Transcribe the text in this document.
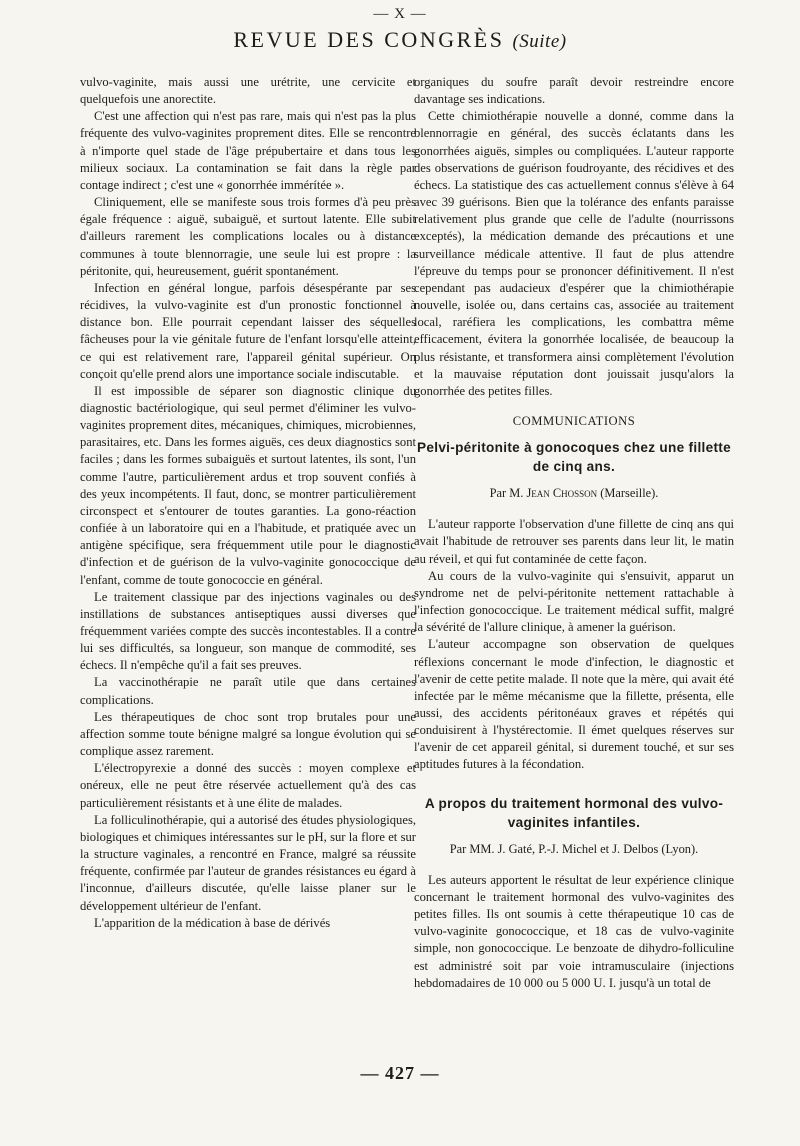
— X —
REVUE DES CONGRÈS (Suite)

vulvo-vaginite, mais aussi une urétrite, une cervicite et quelquefois une anorectite.

C'est une affection qui n'est pas rare, mais qui n'est pas la plus fréquente des vulvo-vaginites proprement dites. Elle se rencontre à n'importe quel stade de l'âge prépubertaire et dans tous les milieux sociaux. La contamination se fait dans la règle par contage indirect ; c'est une « gonorrhée immérítée ».

Cliniquement, elle se manifeste sous trois formes d'à peu près égale fréquence : aiguë, subaiguë, et surtout latente. Elle subit d'ailleurs rarement les complications locales ou à distance communes à toute blennorragie, une seule lui est propre : la péritonite, qui, heureusement, guérit spontanément.

Infection en général longue, parfois désespérante par ses récidives, la vulvo-vaginite est d'un pronostic fonctionnel à distance bon. Elle pourrait cependant laisser des séquelles fâcheuses pour la vie génitale future de l'enfant lorsqu'elle atteint, ce qui est relativement rare, l'appareil génital supérieur. On conçoit qu'elle prend alors une importance sociale indiscutable.

Il est impossible de séparer son diagnostic clinique du diagnostic bactériologique, qui seul permet d'éliminer les vulvo-vaginites proprement dites, mécaniques, chimiques, microbiennes, parasitaires, etc. Dans les formes aiguës, ces deux diagnostics sont faciles ; dans les formes subaiguës et surtout latentes, ils sont, l'un comme l'autre, particulièrement ardus et trop souvent confiés à des yeux incompétents. Il faut, donc, se montrer particulièrement circonspect et s'entourer de toutes garanties. La gono-réaction confiée à un laboratoire qui en a l'habitude, et pratiquée avec un antigène spécifique, sera fréquemment utile pour le diagnostic d'infection et de guérison de la vulvo-vaginite gonococcique de l'enfant, comme de toute gonococcie en général.

Le traitement classique par des injections vaginales ou des instillations de substances antiseptiques aussi diverses que fréquemment variées compte des succès incontestables. Il a contre lui ses difficultés, sa longueur, son manque de commodité, ses échecs. Il n'empêche qu'il a fait ses preuves.

La vaccinothérapie ne paraît utile que dans certaines complications.

Les thérapeutiques de choc sont trop brutales pour une affection somme toute bénigne malgré sa longue évolution qui se complique assez rarement.

L'électropyrexie a donné des succès : moyen complexe et onéreux, elle ne peut être réservée actuellement qu'à des cas particulièrement résistants et à une élite de malades.

La folliculinothérapie, qui a autorisé des études physiologiques, biologiques et chimiques intéressantes sur le pH, sur la flore et sur la structure vaginales, a rencontré en France, malgré sa réussite fréquente, confirmée par l'auteur de grandes résistances eu égard à l'inconnue, d'ailleurs discutée, qu'elle laisse planer sur le développement ultérieur de l'enfant.

L'apparition de la médication à base de dérivés

organiques du soufre paraît devoir restreindre encore davantage ses indications.

Cette chimiothérapie nouvelle a donné, comme dans la blennorragie en général, des succès éclatants dans les gonorrhées aiguës, simples ou compliquées. L'auteur rapporte des observations de guérison foudroyante, des récidives et des échecs. La statistique des cas actuellement connus s'élève à 64 avec 39 guérisons. Bien que la tolérance des enfants paraisse relativement plus grande que celle de l'adulte (nourrissons exceptés), la médication demande des précautions et une surveillance médicale attentive. Il faut de plus attendre l'épreuve du temps pour se prononcer définitivement. Il n'est cependant pas audacieux d'espérer que la chimiothérapie nouvelle, isolée ou, dans certains cas, associée au traitement local, raréfiera les complications, les combattra même efficacement, évitera la gonorrhée localisée, de beaucoup la plus résistante, et transformera ainsi complètement l'évolution et la mauvaise réputation dont jouissait jusqu'alors la gonorrhée des petites filles.

COMMUNICATIONS
Pelvi-péritonite à gonocoques chez une fillette de cinq ans.
Par M. Jean Chosson (Marseille).

L'auteur rapporte l'observation d'une fillette de cinq ans qui avait l'habitude de retrouver ses parents dans leur lit, le matin au réveil, et qui fut contaminée de cette façon.

Au cours de la vulvo-vaginite qui s'ensuivit, apparut un syndrome net de pelvi-péritonite nettement rattachable à l'infection gonococcique. Le traitement médical suffit, malgré la sévérité de l'allure clinique, à amener la guérison.

L'auteur accompagne son observation de quelques réflexions concernant le mode d'infection, le diagnostic et l'avenir de cette petite malade. Il note que la mère, qui avait été infectée par le même mécanisme que la fillette, présenta, elle aussi, des accidents péritonéaux graves et répétés qui conduisirent à l'hystérectomie. Il émet quelques réserves sur l'avenir de cet appareil génital, si durement touché, et sur ses aptitudes futures à la fécondation.

A propos du traitement hormonal des vulvo-vaginites infantiles.
Par MM. J. Gaté, P.-J. Michel et J. Delbos (Lyon).

Les auteurs apportent le résultat de leur expérience clinique concernant le traitement hormonal des vulvo-vaginites des petites filles. Ils ont soumis à cette thérapeutique 10 cas de vulvo-vaginite gonococcique, et 18 cas de vulvo-vaginite simple, non gonococcique. Le benzoate de dihydro-folliculine est administré soit par voie intramusculaire (injections hebdomadaires de 10 000 ou 5 000 U. I. jusqu'à un total de

— 427 —
